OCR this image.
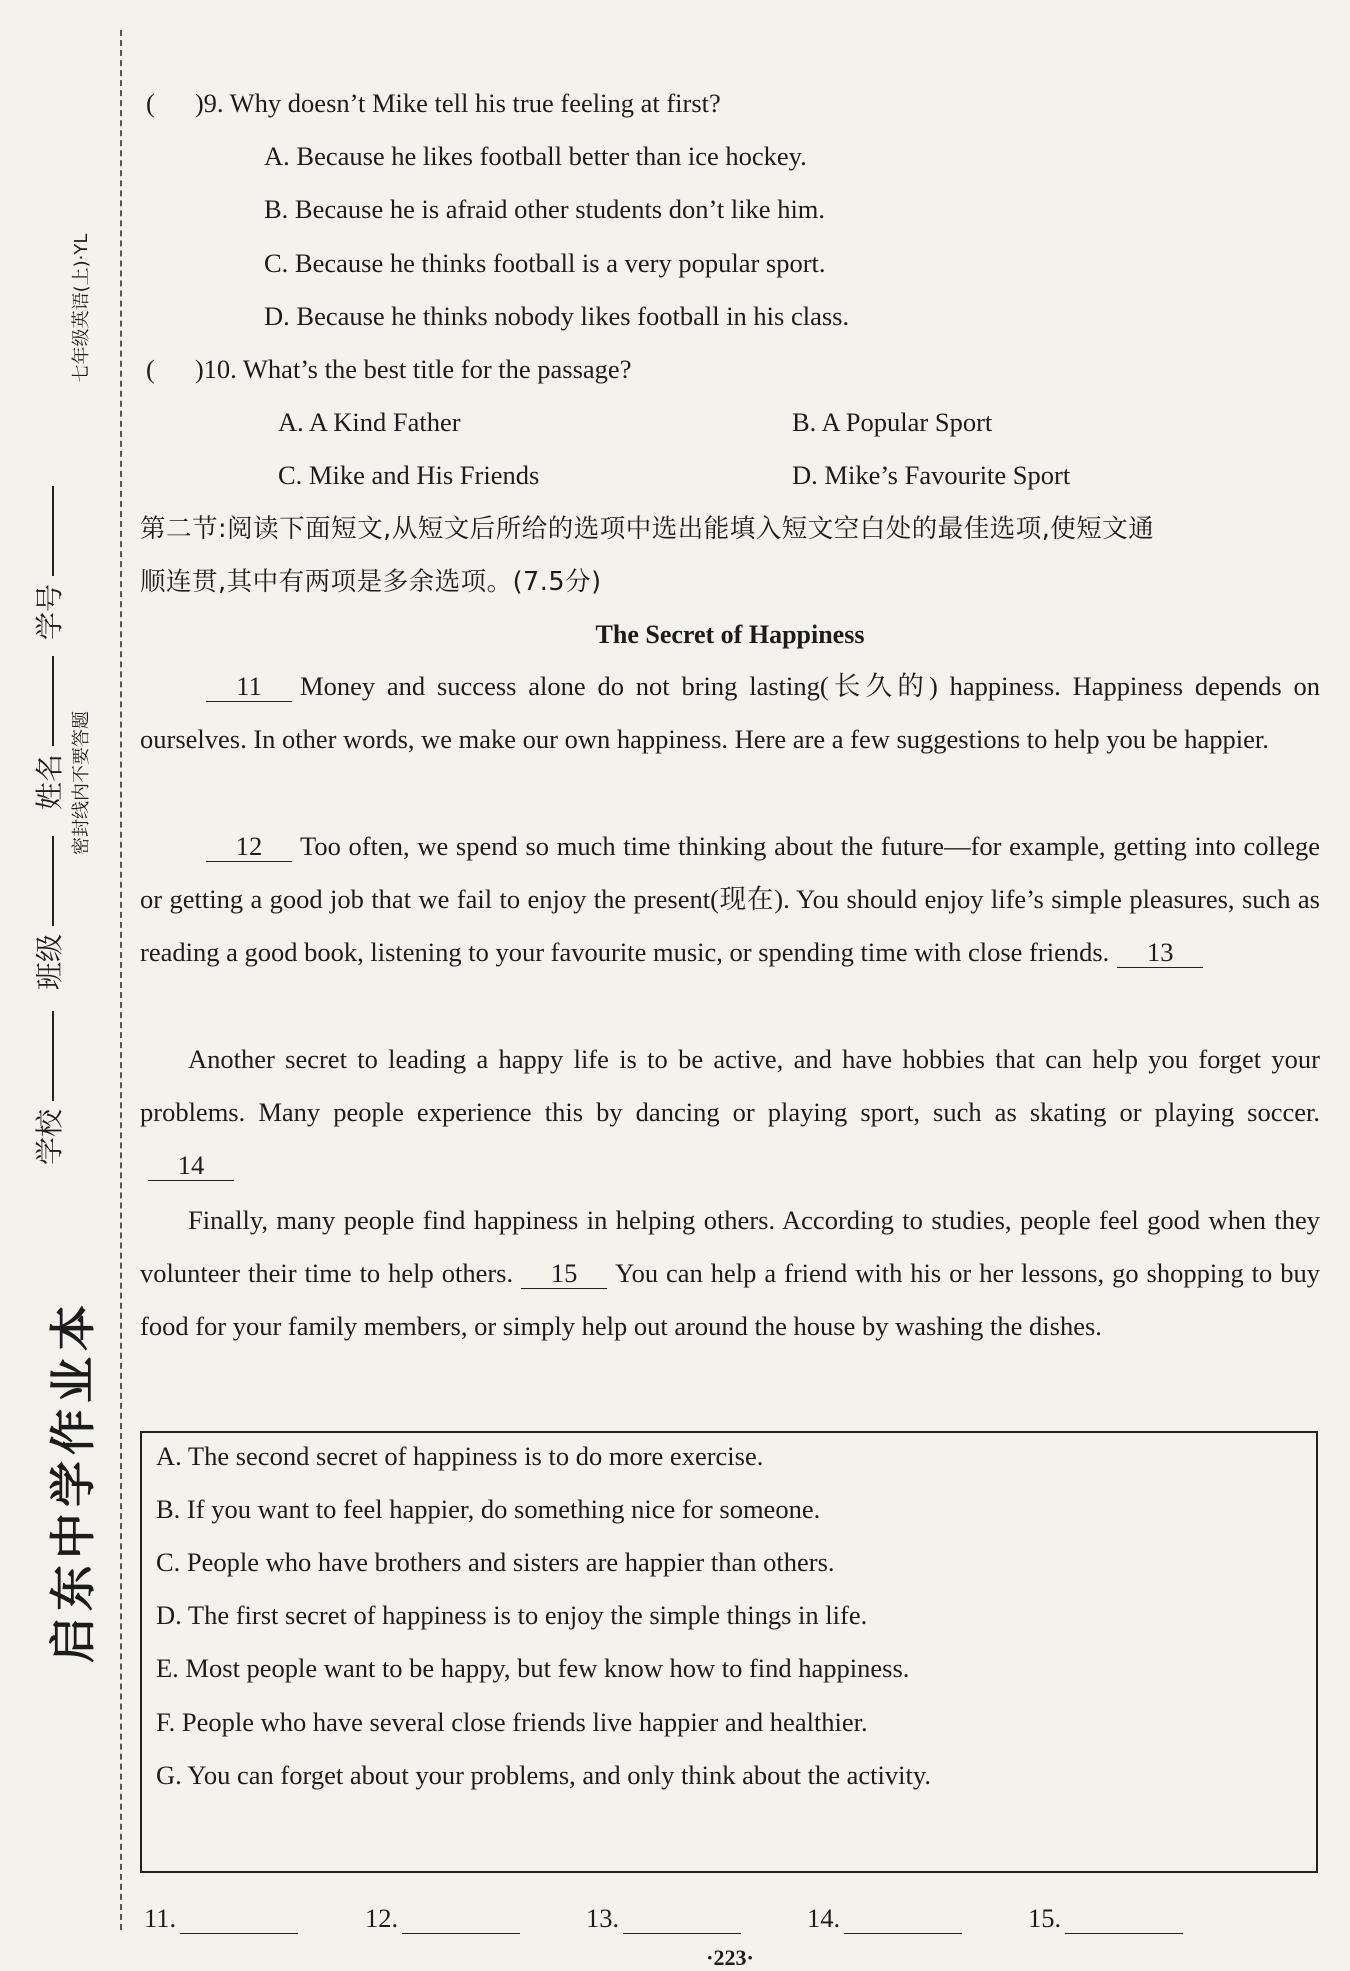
七年级英语(上)·YL
学号
姓名 密封线内不要答题
班级
学校
启东中学作业本
( )9. Why doesn’t Mike tell his true feeling at first?
A. Because he likes football better than ice hockey.
B. Because he is afraid other students don’t like him.
C. Because he thinks football is a very popular sport.
D. Because he thinks nobody likes football in his class.
( )10. What’s the best title for the passage?
A. A Kind Father	B. A Popular Sport
C. Mike and His Friends	D. Mike’s Favourite Sport
第二节:阅读下面短文,从短文后所给的选项中选出能填入短文空白处的最佳选项,使短文通
顺连贯,其中有两项是多余选项。(7.5分)
The Secret of Happiness

11 Money and success alone do not bring lasting(长久的) happiness. Happiness depends on ourselves. In other words, we make our own happiness. Here are a few suggestions to help you be happier.

12 Too often, we spend so much time thinking about the future—for example, getting into college or getting a good job that we fail to enjoy the present(现在). You should enjoy life’s simple pleasures, such as reading a good book, listening to your favourite music, or spending time with close friends. 13

Another secret to leading a happy life is to be active, and have hobbies that can help you forget your problems. Many people experience this by dancing or playing sport, such as skating or playing soccer.14

Finally, many people find happiness in helping others. According to studies, people feel good when they volunteer their time to help others. 15 You can help a friend with his or her lessons, go shopping to buy food for your family members, or simply help out around the house by washing the dishes.

A. The second secret of happiness is to do more exercise.
B. If you want to feel happier, do something nice for someone.
C. People who have brothers and sisters are happier than others.
D. The first secret of happiness is to enjoy the simple things in life.
E. Most people want to be happy, but few know how to find happiness.
F. People who have several close friends live happier and healthier.
G. You can forget about your problems, and only think about the activity.
11.	12.	13.	14.	15.
·223·
